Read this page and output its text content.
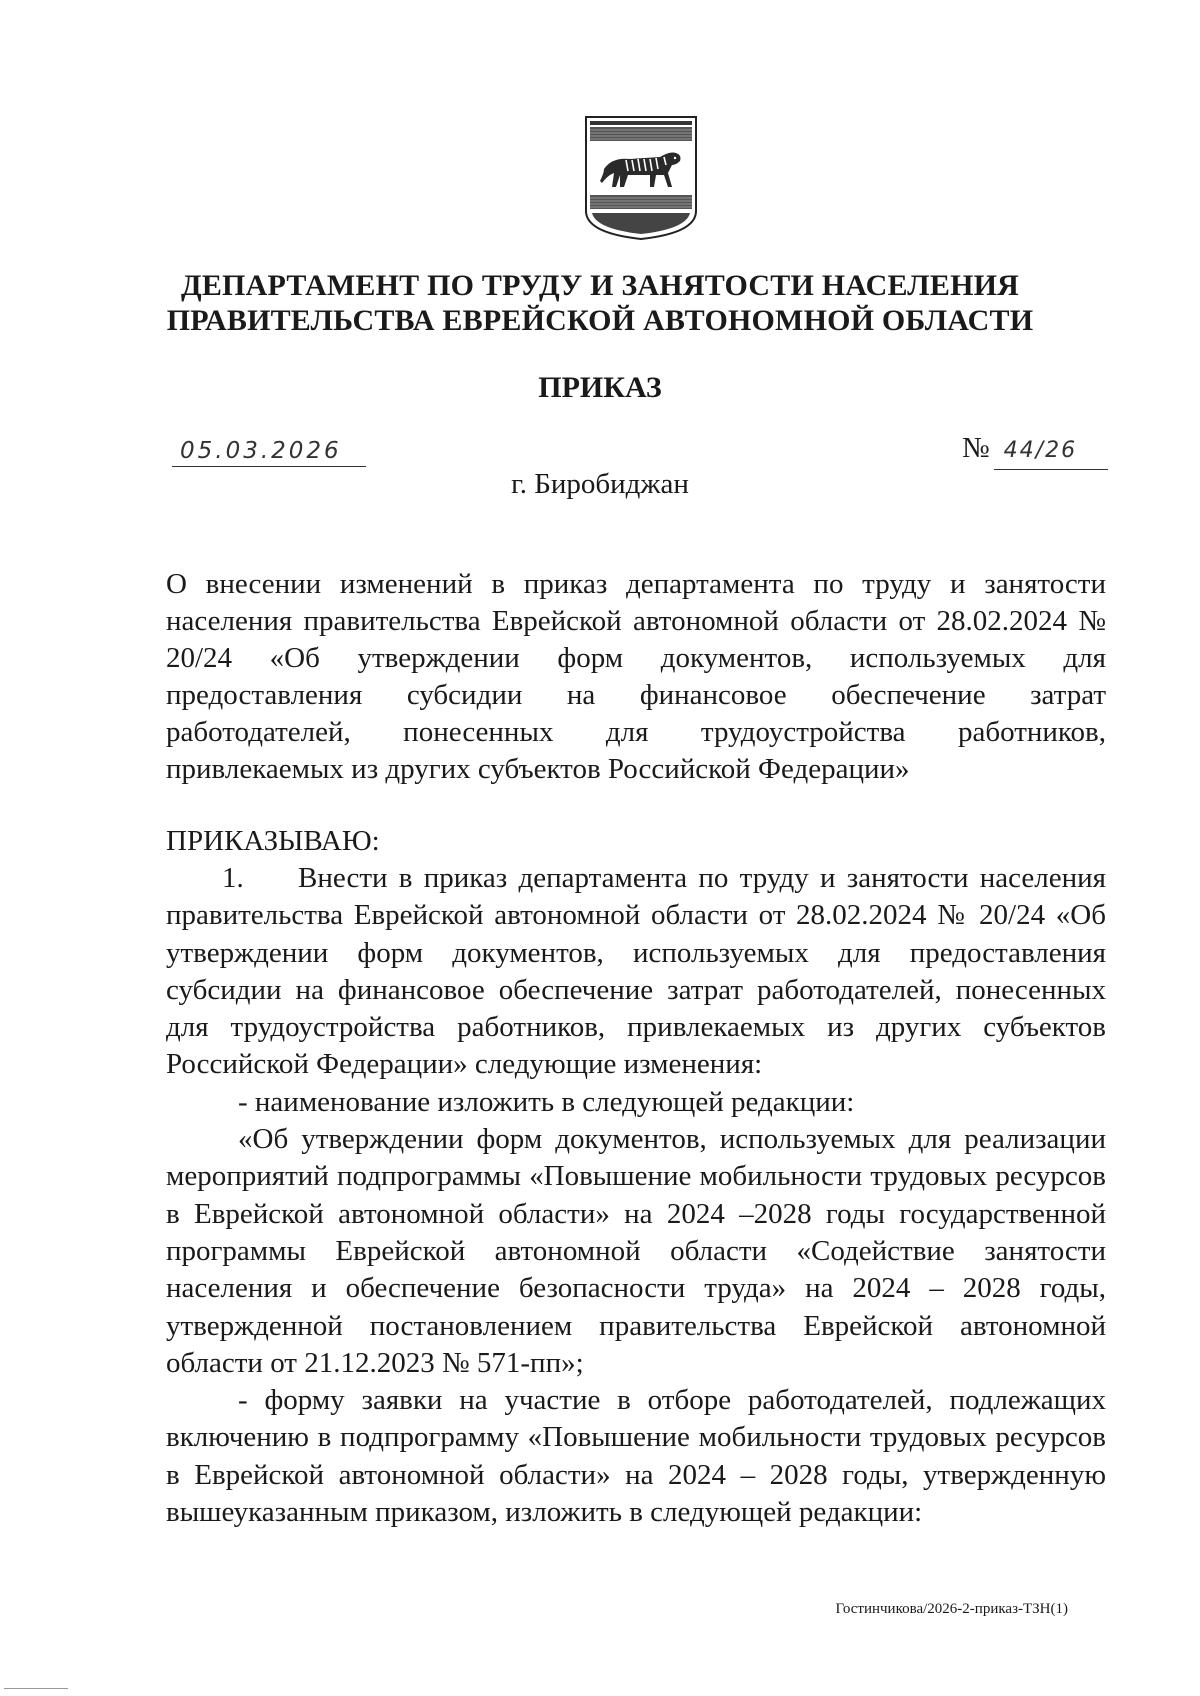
ДЕПАРТАМЕНТ ПО ТРУДУ И ЗАНЯТОСТИ НАСЕЛЕНИЯ
ПРАВИТЕЛЬСТВА ЕВРЕЙСКОЙ АВТОНОМНОЙ ОБЛАСТИ
ПРИКАЗ
05.03.2026	№ 44/26
г. Биробиджан
О внесении изменений в приказ департамента по труду и занятости населения правительства Еврейской автономной области от 28.02.2024 № 20/24 «Об утверждении форм документов, используемых для предоставления субсидии на финансовое обеспечение затрат работодателей, понесенных для трудоустройства работников, привлекаемых из других субъектов Российской Федерации»
ПРИКАЗЫВАЮ:

1. Внести в приказ департамента по труду и занятости населения правительства Еврейской автономной области от 28.02.2024 № 20/24 «Об утверждении форм документов, используемых для предоставления субсидии на финансовое обеспечение затрат работодателей, понесенных для трудоустройства работников, привлекаемых из других субъектов Российской Федерации» следующие изменения:

- наименование изложить в следующей редакции:

«Об утверждении форм документов, используемых для реализации мероприятий подпрограммы «Повышение мобильности трудовых ресурсов в Еврейской автономной области» на 2024 –2028 годы государственной программы Еврейской автономной области «Содействие занятости населения и обеспечение безопасности труда» на 2024 – 2028 годы, утвержденной постановлением правительства Еврейской автономной области от 21.12.2023 № 571-пп»;

- форму заявки на участие в отборе работодателей, подлежащих включению в подпрограмму «Повышение мобильности трудовых ресурсов в Еврейской автономной области» на 2024 – 2028 годы, утвержденную вышеуказанным приказом, изложить в следующей редакции:

Гостинчикова/2026-2-приказ-ТЗН(1)
